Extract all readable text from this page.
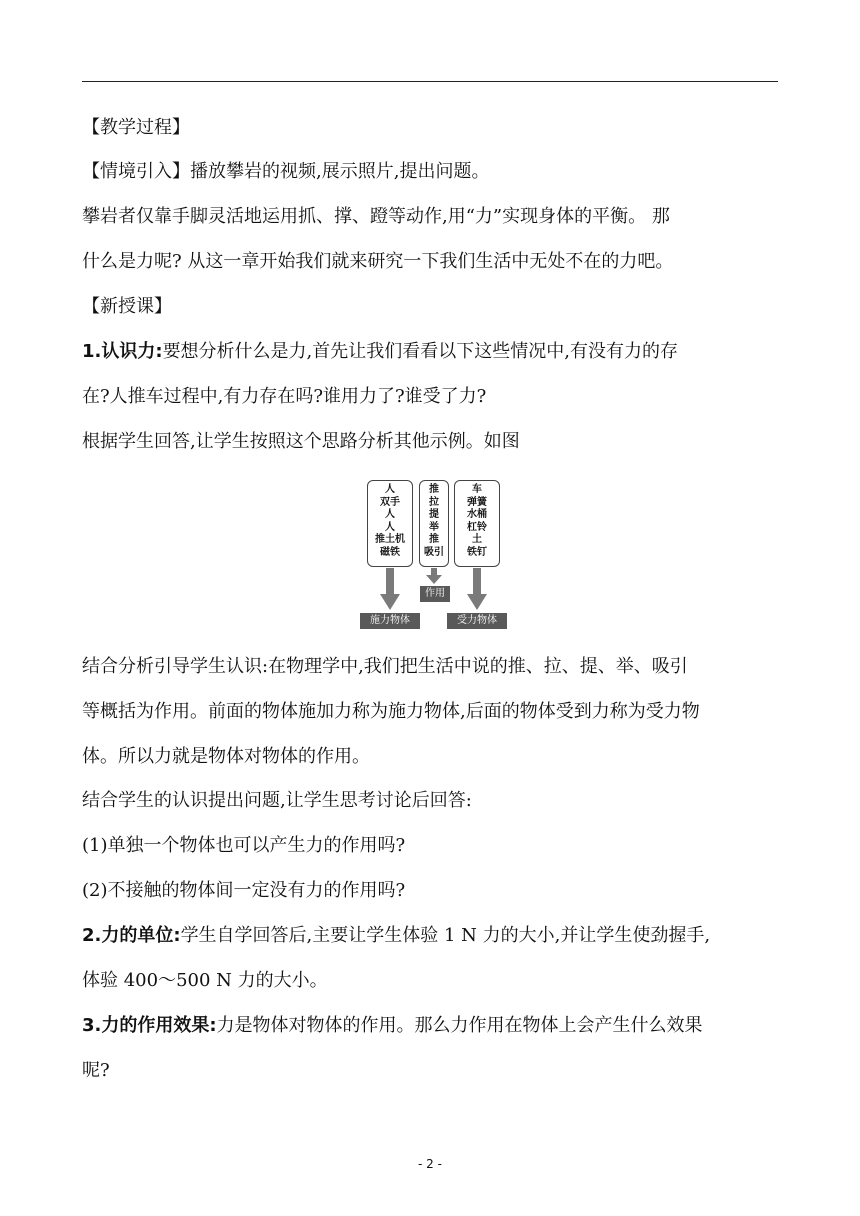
【教学过程】
【情境引入】播放攀岩的视频,展示照片,提出问题。
攀岩者仅靠手脚灵活地运用抓、撑、蹬等动作,用“力”实现身体的平衡。 那
什么是力呢? 从这一章开始我们就来研究一下我们生活中无处不在的力吧。
【新授课】
1.认识力:要想分析什么是力,首先让我们看看以下这些情况中,有没有力的存
在?人推车过程中,有力存在吗?谁用力了?谁受了力?
根据学生回答,让学生按照这个思路分析其他示例。如图
人
双手
人
人
推土机
磁铁
推
拉
提
举
推
吸引
车
弹簧
水桶
杠铃
土
铁钉
作用
施力物体	受力物体
结合分析引导学生认识:在物理学中,我们把生活中说的推、拉、提、举、吸引
等概括为作用。前面的物体施加力称为施力物体,后面的物体受到力称为受力物
体。所以力就是物体对物体的作用。
结合学生的认识提出问题,让学生思考讨论后回答:
(1)单独一个物体也可以产生力的作用吗?
(2)不接触的物体间一定没有力的作用吗?
2.力的单位:学生自学回答后,主要让学生体验 1 N 力的大小,并让学生使劲握手,
体验 400～500 N 力的大小。
3.力的作用效果:力是物体对物体的作用。那么力作用在物体上会产生什么效果
呢?
- 2 -
